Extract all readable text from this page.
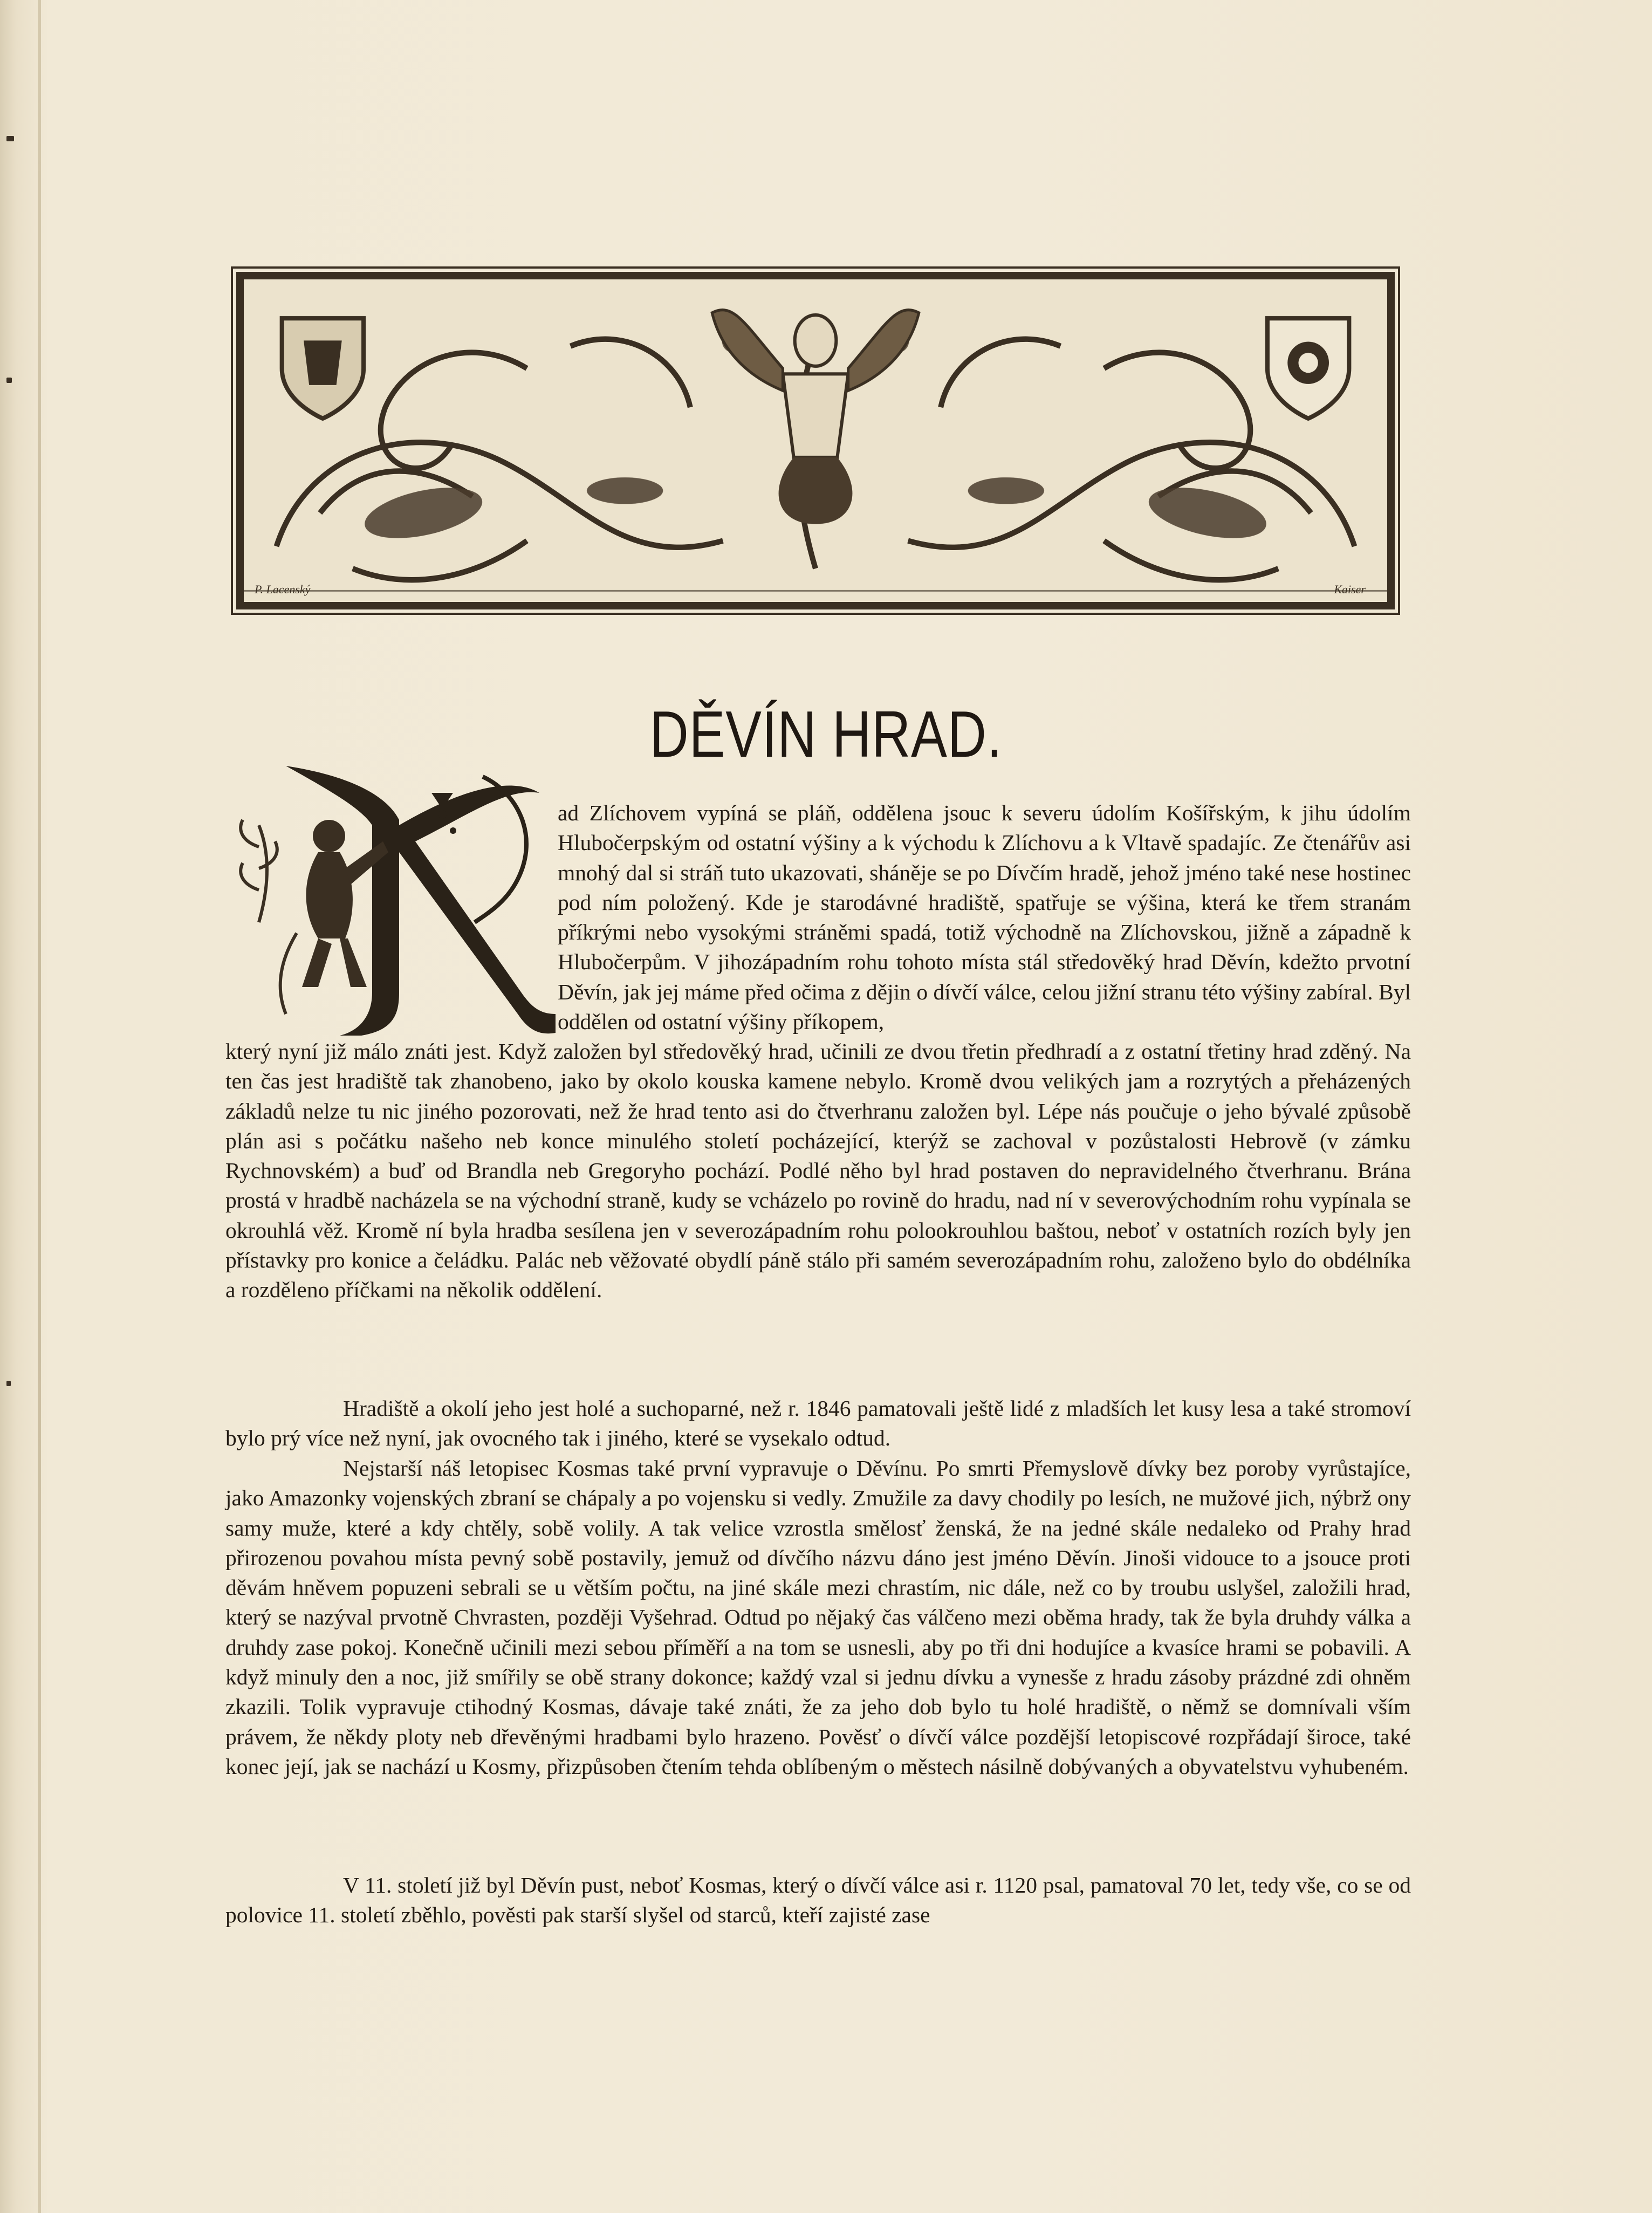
P. Lacenský	Kaiser
DĚVÍN HRAD.

ad Zlíchovem vypíná se pláň, oddělena jsouc k severu údolím Košířským, k jihu údolím Hlubočerpským od ostatní výšiny a k východu k Zlíchovu a k Vltavě spadajíc. Ze čtenářův asi mnohý dal si stráň tuto ukazovati, sháněje se po Dívčím hradě, jehož jméno také nese hostinec pod ním položený. Kde je starodávné hradiště, spatřuje se výšina, která ke třem stranám příkrými nebo vysokými stráněmi spadá, totiž východně na Zlíchovskou, jižně a západně k Hlubočerpům. V jihozápadním rohu tohoto místa stál středověký hrad Děvín, kdežto prvotní Děvín, jak jej máme před očima z dějin o dívčí válce, celou jižní stranu této výšiny zabíral. Byl oddělen od ostatní výšiny příkopem,

který nyní již málo znáti jest. Když založen byl středověký hrad, učinili ze dvou třetin předhradí a z ostatní třetiny hrad zděný. Na ten čas jest hradiště tak zhanobeno, jako by okolo kouska kamene nebylo. Kromě dvou velikých jam a rozrytých a přeházených základů nelze tu nic jiného pozorovati, než že hrad tento asi do čtverhranu založen byl. Lépe nás poučuje o jeho bývalé způsobě plán asi s počátku našeho neb konce minulého století pocházející, kterýž se zachoval v pozůstalosti Hebrově (v zámku Rychnovském) a buď od Brandla neb Gregoryho pochází. Podlé něho byl hrad postaven do nepravidelného čtverhranu. Brána prostá v hradbě nacházela se na východní straně, kudy se vcházelo po rovině do hradu, nad ní v severovýchodním rohu vypínala se okrouhlá věž. Kromě ní byla hradba sesílena jen v severozápadním rohu polookrouhlou baštou, neboť v ostatních rozích byly jen přístavky pro konice a čeládku. Palác neb věžovaté obydlí páně stálo při samém severozápadním rohu, založeno bylo do obdélníka a rozděleno příčkami na několik oddělení.

Hradiště a okolí jeho jest holé a suchoparné, než r. 1846 pamatovali ještě lidé z mladších let kusy lesa a také stromoví bylo prý více než nyní, jak ovocného tak i jiného, které se vysekalo odtud.

Nejstarší náš letopisec Kosmas také první vypravuje o Děvínu. Po smrti Přemyslově dívky bez poroby vyrůstajíce, jako Amazonky vojenských zbraní se chápaly a po vojensku si vedly. Zmužile za davy chodily po lesích, ne mužové jich, nýbrž ony samy muže, které a kdy chtěly, sobě volily. A tak velice vzrostla smělosť ženská, že na jedné skále nedaleko od Prahy hrad přirozenou povahou místa pevný sobě postavily, jemuž od dívčího názvu dáno jest jméno Děvín. Jinoši vidouce to a jsouce proti děvám hněvem popuzeni sebrali se u větším počtu, na jiné skále mezi chrastím, nic dále, než co by troubu uslyšel, založili hrad, který se nazýval prvotně Chvrasten, později Vyšehrad. Odtud po nějaký čas válčeno mezi oběma hrady, tak že byla druhdy válka a druhdy zase pokoj. Konečně učinili mezi sebou příměří a na tom se usnesli, aby po tři dni hodujíce a kvasíce hrami se pobavili. A když minuly den a noc, již smířily se obě strany dokonce; každý vzal si jednu dívku a vynesše z hradu zásoby prázdné zdi ohněm zkazili. Tolik vypravuje ctihodný Kosmas, dávaje také znáti, že za jeho dob bylo tu holé hradiště, o němž se domnívali vším právem, že někdy ploty neb dřevěnými hradbami bylo hrazeno. Pověsť o dívčí válce pozdější letopiscové rozpřádají široce, také konec její, jak se nachází u Kosmy, přizpůsoben čtením tehda oblíbeným o městech násilně dobývaných a obyvatelstvu vyhubeném.

V 11. století již byl Děvín pust, neboť Kosmas, který o dívčí válce asi r. 1120 psal, pamatoval 70 let, tedy vše, co se od polovice 11. století zběhlo, pověsti pak starší slyšel od starců, kteří zajisté zase
